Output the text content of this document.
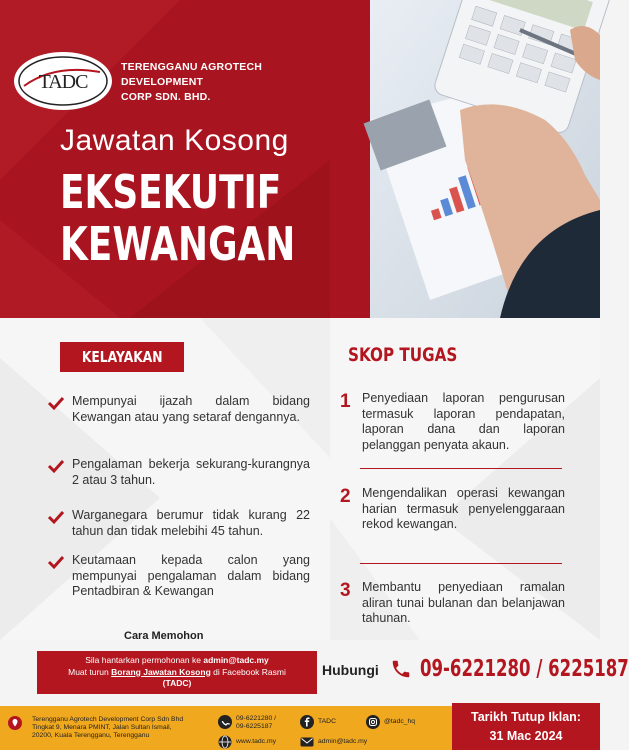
TADC
TERENGGANU AGROTECH DEVELOPMENT
CORP SDN. BHD.
Jawatan Kosong
EKSEKUTIF
KEWANGAN
KELAYAKAN
Mempunyai ijazah dalam bidang Kewangan atau yang setaraf dengannya.
Pengalaman bekerja sekurang-kurangnya 2 atau 3 tahun.
Warganegara berumur tidak kurang 22 tahun dan tidak melebihi 45 tahun.
Keutamaan kepada calon yang mempunyai pengalaman dalam bidang Pentadbiran & Kewangan
SKOP TUGAS
1 Penyediaan laporan pengurusan termasuk laporan pendapatan, laporan dana dan laporan pelanggan penyata akaun.
2 Mengendalikan operasi kewangan harian termasuk penyelenggaraan rekod kewangan.
3 Membantu penyediaan ramalan aliran tunai bulanan dan belanjawan tahunan.
Cara Memohon
Sila hantarkan permohonan ke admin@tadc.my
Muat turun Borang Jawatan Kosong di Facebook Rasmi
(TADC)
Hubungi 09-6221280 / 6225187
Terengganu Agrotech Development Corp Sdn Bhd
Tingkat 9, Menara PMINT, Jalan Sultan Ismail,
20200, Kuala Terengganu, Terengganu
09-6221280 /
09-6225187
www.tadc.my
TADC
admin@tadc.my
@tadc_hq	Tarikh Tutup Iklan:
31 Mac 2024
